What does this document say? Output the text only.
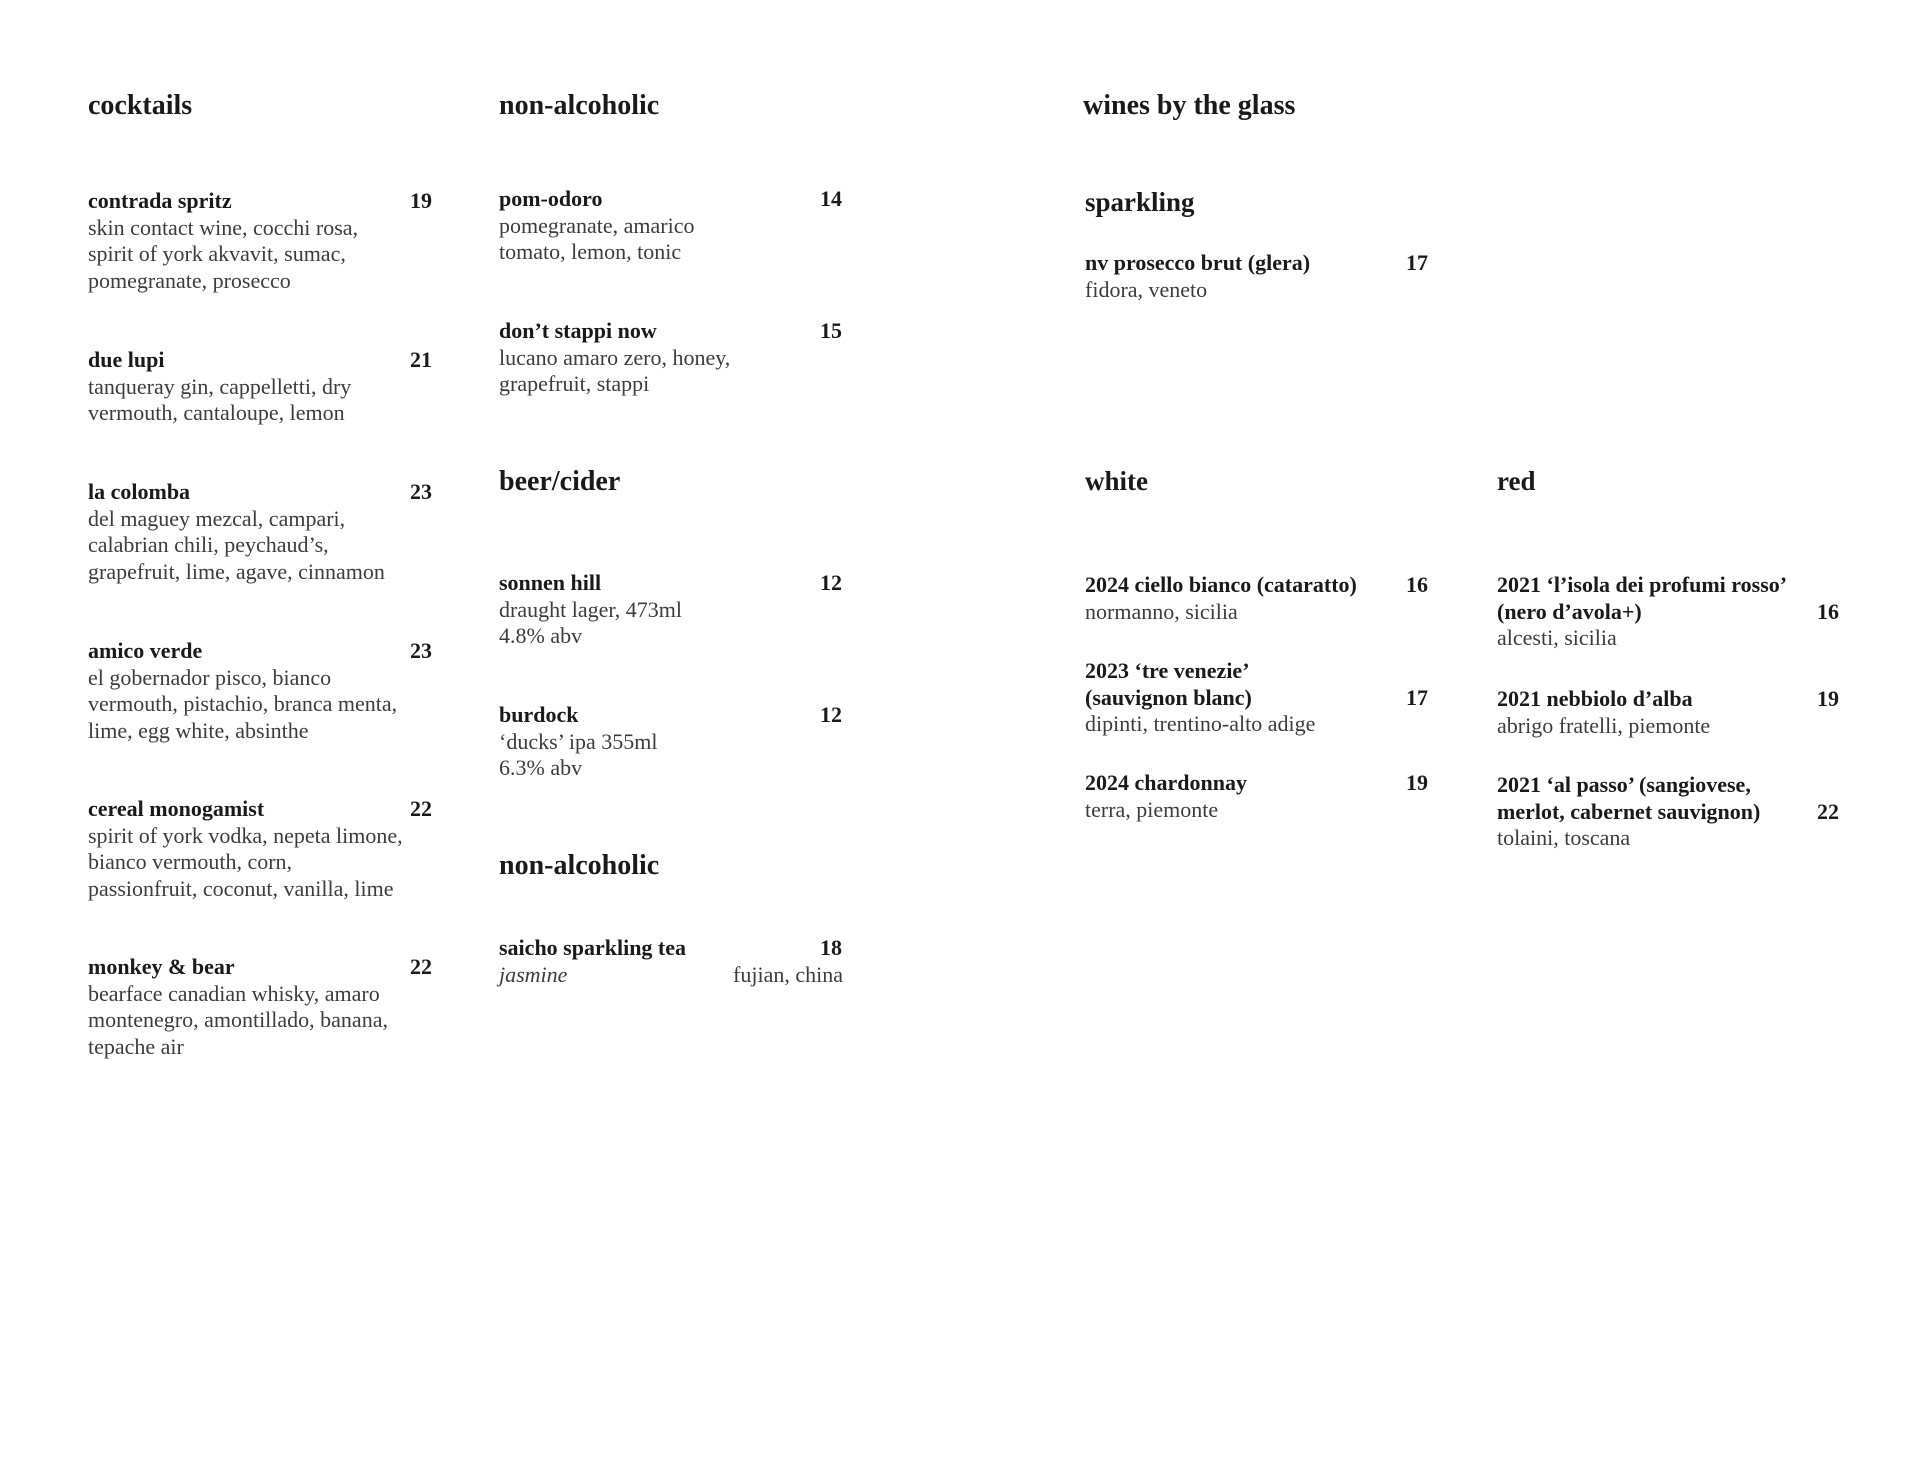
cocktails
contrada spritz	19
skin contact wine, cocchi rosa,
spirit of york akvavit, sumac,
pomegranate, prosecco
due lupi	21
tanqueray gin, cappelletti, dry
vermouth, cantaloupe, lemon
la colomba	23
del maguey mezcal, campari,
calabrian chili, peychaud’s,
grapefruit, lime, agave, cinnamon
amico verde	23
el gobernador pisco, bianco
vermouth, pistachio, branca menta,
lime, egg white, absinthe
cereal monogamist	22
spirit of york vodka, nepeta limone,
bianco vermouth, corn,
passionfruit, coconut, vanilla, lime
monkey & bear	22
bearface canadian whisky, amaro
montenegro, amontillado, banana,
tepache air
non-alcoholic
pom-odoro	14
pomegranate, amarico
tomato, lemon, tonic
don’t stappi now	15
lucano amaro zero, honey,
grapefruit, stappi
beer/cider
sonnen hill	12
draught lager, 473ml
4.8% abv
burdock	12
‘ducks’ ipa 355ml
6.3% abv
non-alcoholic
saicho sparkling tea	18
jasmine	fujian, china
wines by the glass
sparkling
nv prosecco brut (glera)	17
fidora, veneto
white
2024 ciello bianco (cataratto)	16
normanno, sicilia
2023 ‘tre venezie’
(sauvignon blanc)	17
dipinti, trentino-alto adige
2024 chardonnay	19
terra, piemonte
red
2021 ‘l’isola dei profumi rosso’
(nero d’avola+)	16
alcesti, sicilia
2021 nebbiolo d’alba	19
abrigo fratelli, piemonte
2021 ‘al passo’ (sangiovese,
merlot, cabernet sauvignon)	22
tolaini, toscana
